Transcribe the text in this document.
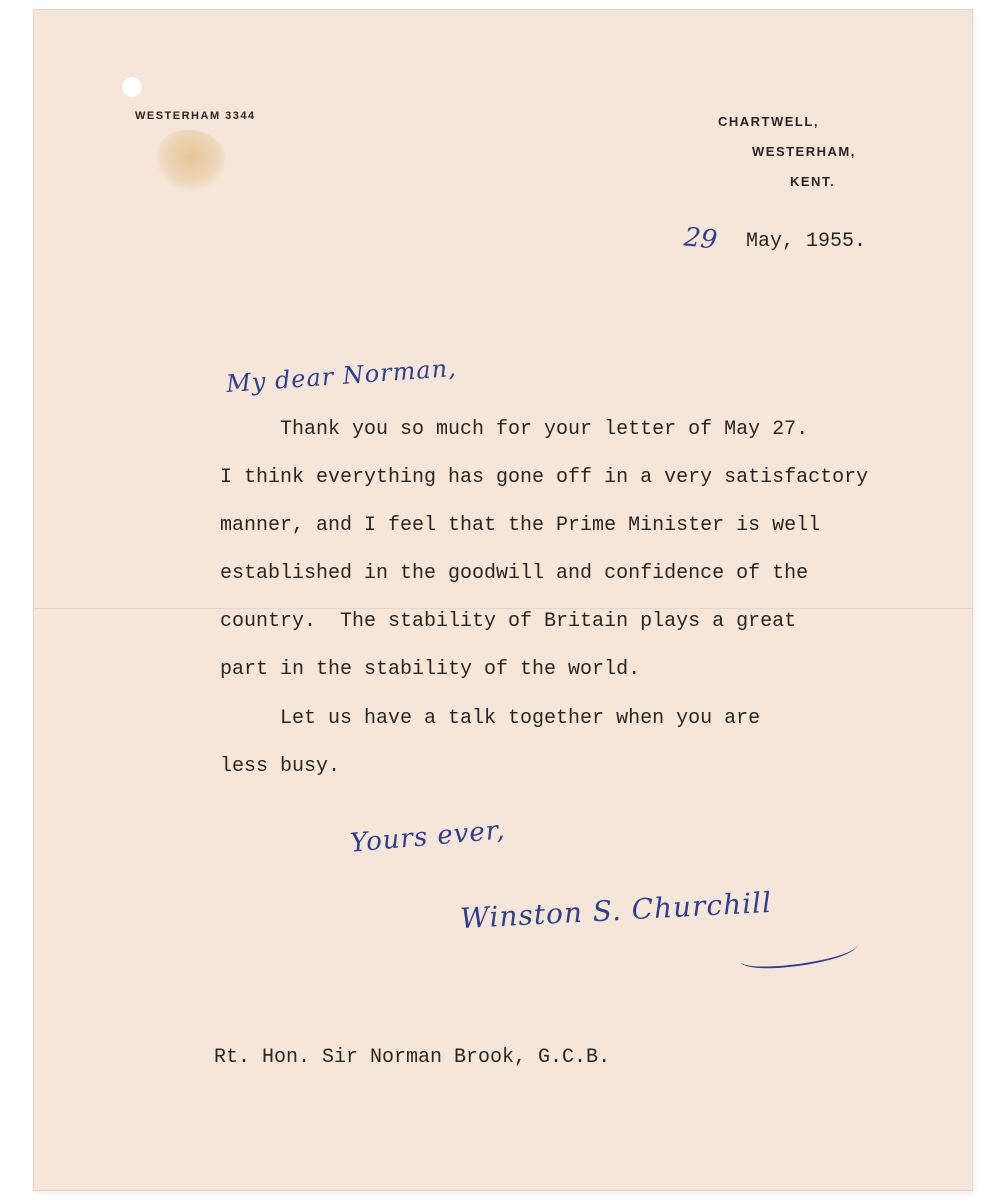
WESTERHAM 3344	CHARTWELL,
WESTERHAM,
KENT.
29 May, 1955.
My dear Norman,
Thank you so much for your letter of May 27.
I think everything has gone off in a very satisfactory
manner, and I feel that the Prime Minister is well
established in the goodwill and confidence of the
country.  The stability of Britain plays a great
part in the stability of the world.
Let us have a talk together when you are
less busy.
Yours ever,
Winston S. Churchill
Rt. Hon. Sir Norman Brook, G.C.B.
